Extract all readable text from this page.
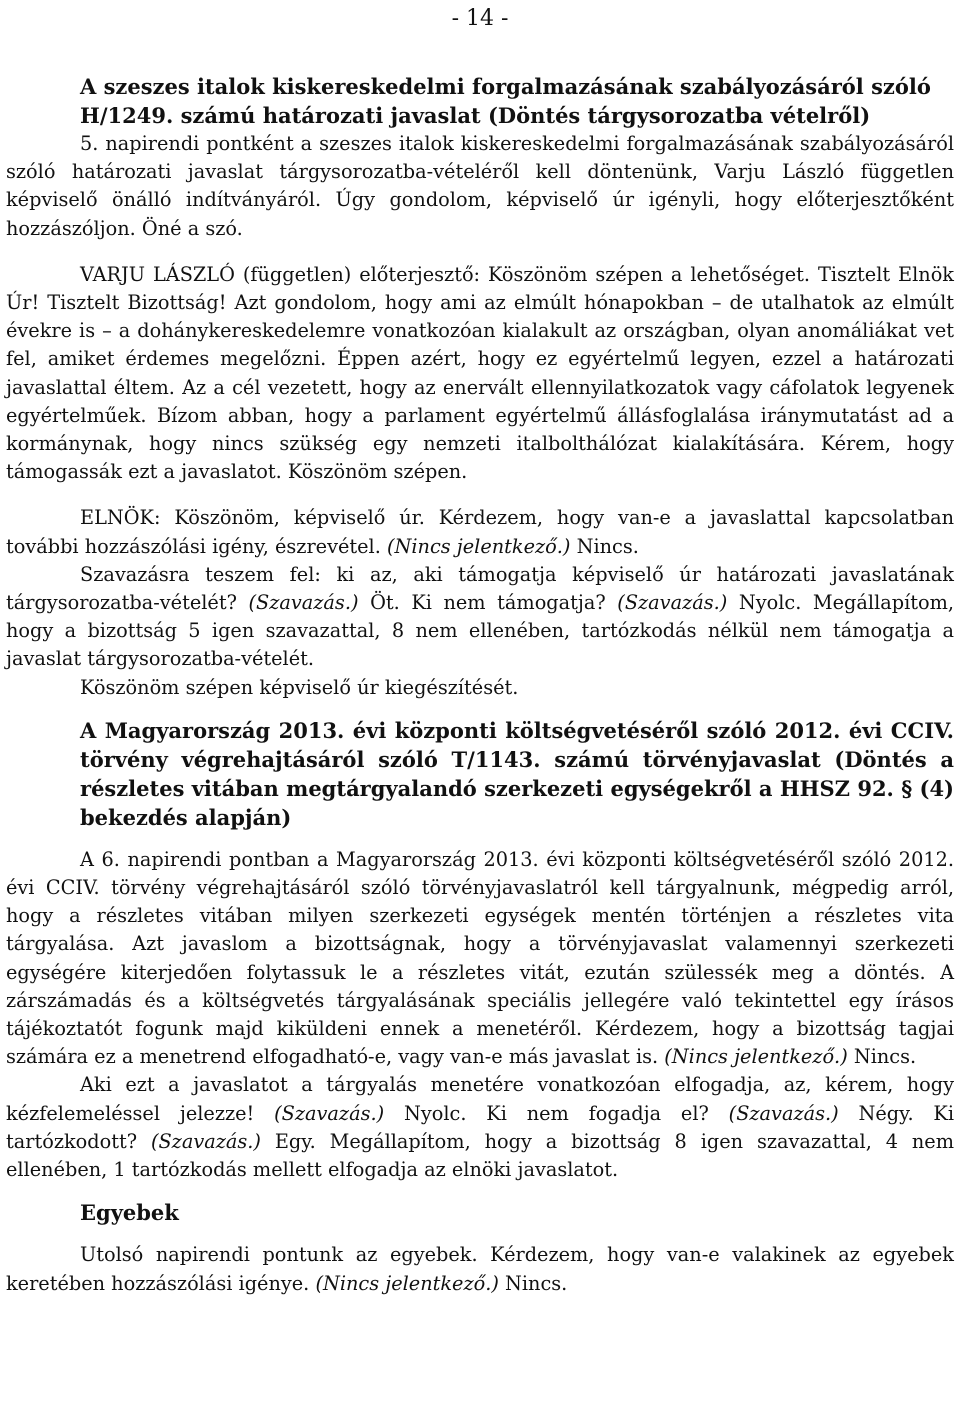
- 14 -
A szeszes italok kiskereskedelmi forgalmazásának szabályozásáról szóló H/1249. számú határozati javaslat (Döntés tárgysorozatba vételről)

5. napirendi pontként a szeszes italok kiskereskedelmi forgalmazásának szabályozásáról szóló határozati javaslat tárgysorozatba-vételéről kell döntenünk, Varju László független képviselő önálló indítványáról. Úgy gondolom, képviselő úr igényli, hogy előterjesztőként hozzászóljon. Öné a szó.

VARJU LÁSZLÓ (független) előterjesztő: Köszönöm szépen a lehetőséget. Tisztelt Elnök Úr! Tisztelt Bizottság! Azt gondolom, hogy ami az elmúlt hónapokban – de utalhatok az elmúlt évekre is – a dohánykereskedelemre vonatkozóan kialakult az országban, olyan anomáliákat vet fel, amiket érdemes megelőzni. Éppen azért, hogy ez egyértelmű legyen, ezzel a határozati javaslattal éltem. Az a cél vezetett, hogy az enervált ellennyilatkozatok vagy cáfolatok legyenek egyértelműek. Bízom abban, hogy a parlament egyértelmű állásfoglalása iránymutatást ad a kormánynak, hogy nincs szükség egy nemzeti italbolthálózat kialakítására. Kérem, hogy támogassák ezt a javaslatot. Köszönöm szépen.

ELNÖK: Köszönöm, képviselő úr. Kérdezem, hogy van-e a javaslattal kapcsolatban további hozzászólási igény, észrevétel. (Nincs jelentkező.) Nincs.

Szavazásra teszem fel: ki az, aki támogatja képviselő úr határozati javaslatának tárgysorozatba-vételét? (Szavazás.) Öt. Ki nem támogatja? (Szavazás.) Nyolc. Megállapítom, hogy a bizottság 5 igen szavazattal, 8 nem ellenében, tartózkodás nélkül nem támogatja a javaslat tárgysorozatba-vételét.

Köszönöm szépen képviselő úr kiegészítését.

A Magyarország 2013. évi központi költségvetéséről szóló 2012. évi CCIV. törvény végrehajtásáról szóló T/1143. számú törvényjavaslat (Döntés a részletes vitában megtárgyalandó szerkezeti egységekről a HHSZ 92. § (4) bekezdés alapján)

A 6. napirendi pontban a Magyarország 2013. évi központi költségvetéséről szóló 2012. évi CCIV. törvény végrehajtásáról szóló törvényjavaslatról kell tárgyalnunk, mégpedig arról, hogy a részletes vitában milyen szerkezeti egységek mentén történjen a részletes vita tárgyalása. Azt javaslom a bizottságnak, hogy a törvényjavaslat valamennyi szerkezeti egységére kiterjedően folytassuk le a részletes vitát, ezután szülessék meg a döntés. A zárszámadás és a költségvetés tárgyalásának speciális jellegére való tekintettel egy írásos tájékoztatót fogunk majd kiküldeni ennek a menetéről. Kérdezem, hogy a bizottság tagjai számára ez a menetrend elfogadható-e, vagy van-e más javaslat is. (Nincs jelentkező.) Nincs.

Aki ezt a javaslatot a tárgyalás menetére vonatkozóan elfogadja, az, kérem, hogy kézfelemeléssel jelezze! (Szavazás.) Nyolc. Ki nem fogadja el? (Szavazás.) Négy. Ki tartózkodott? (Szavazás.) Egy. Megállapítom, hogy a bizottság 8 igen szavazattal, 4 nem ellenében, 1 tartózkodás mellett elfogadja az elnöki javaslatot.

Egyebek

Utolsó napirendi pontunk az egyebek. Kérdezem, hogy van-e valakinek az egyebek keretében hozzászólási igénye. (Nincs jelentkező.) Nincs.
